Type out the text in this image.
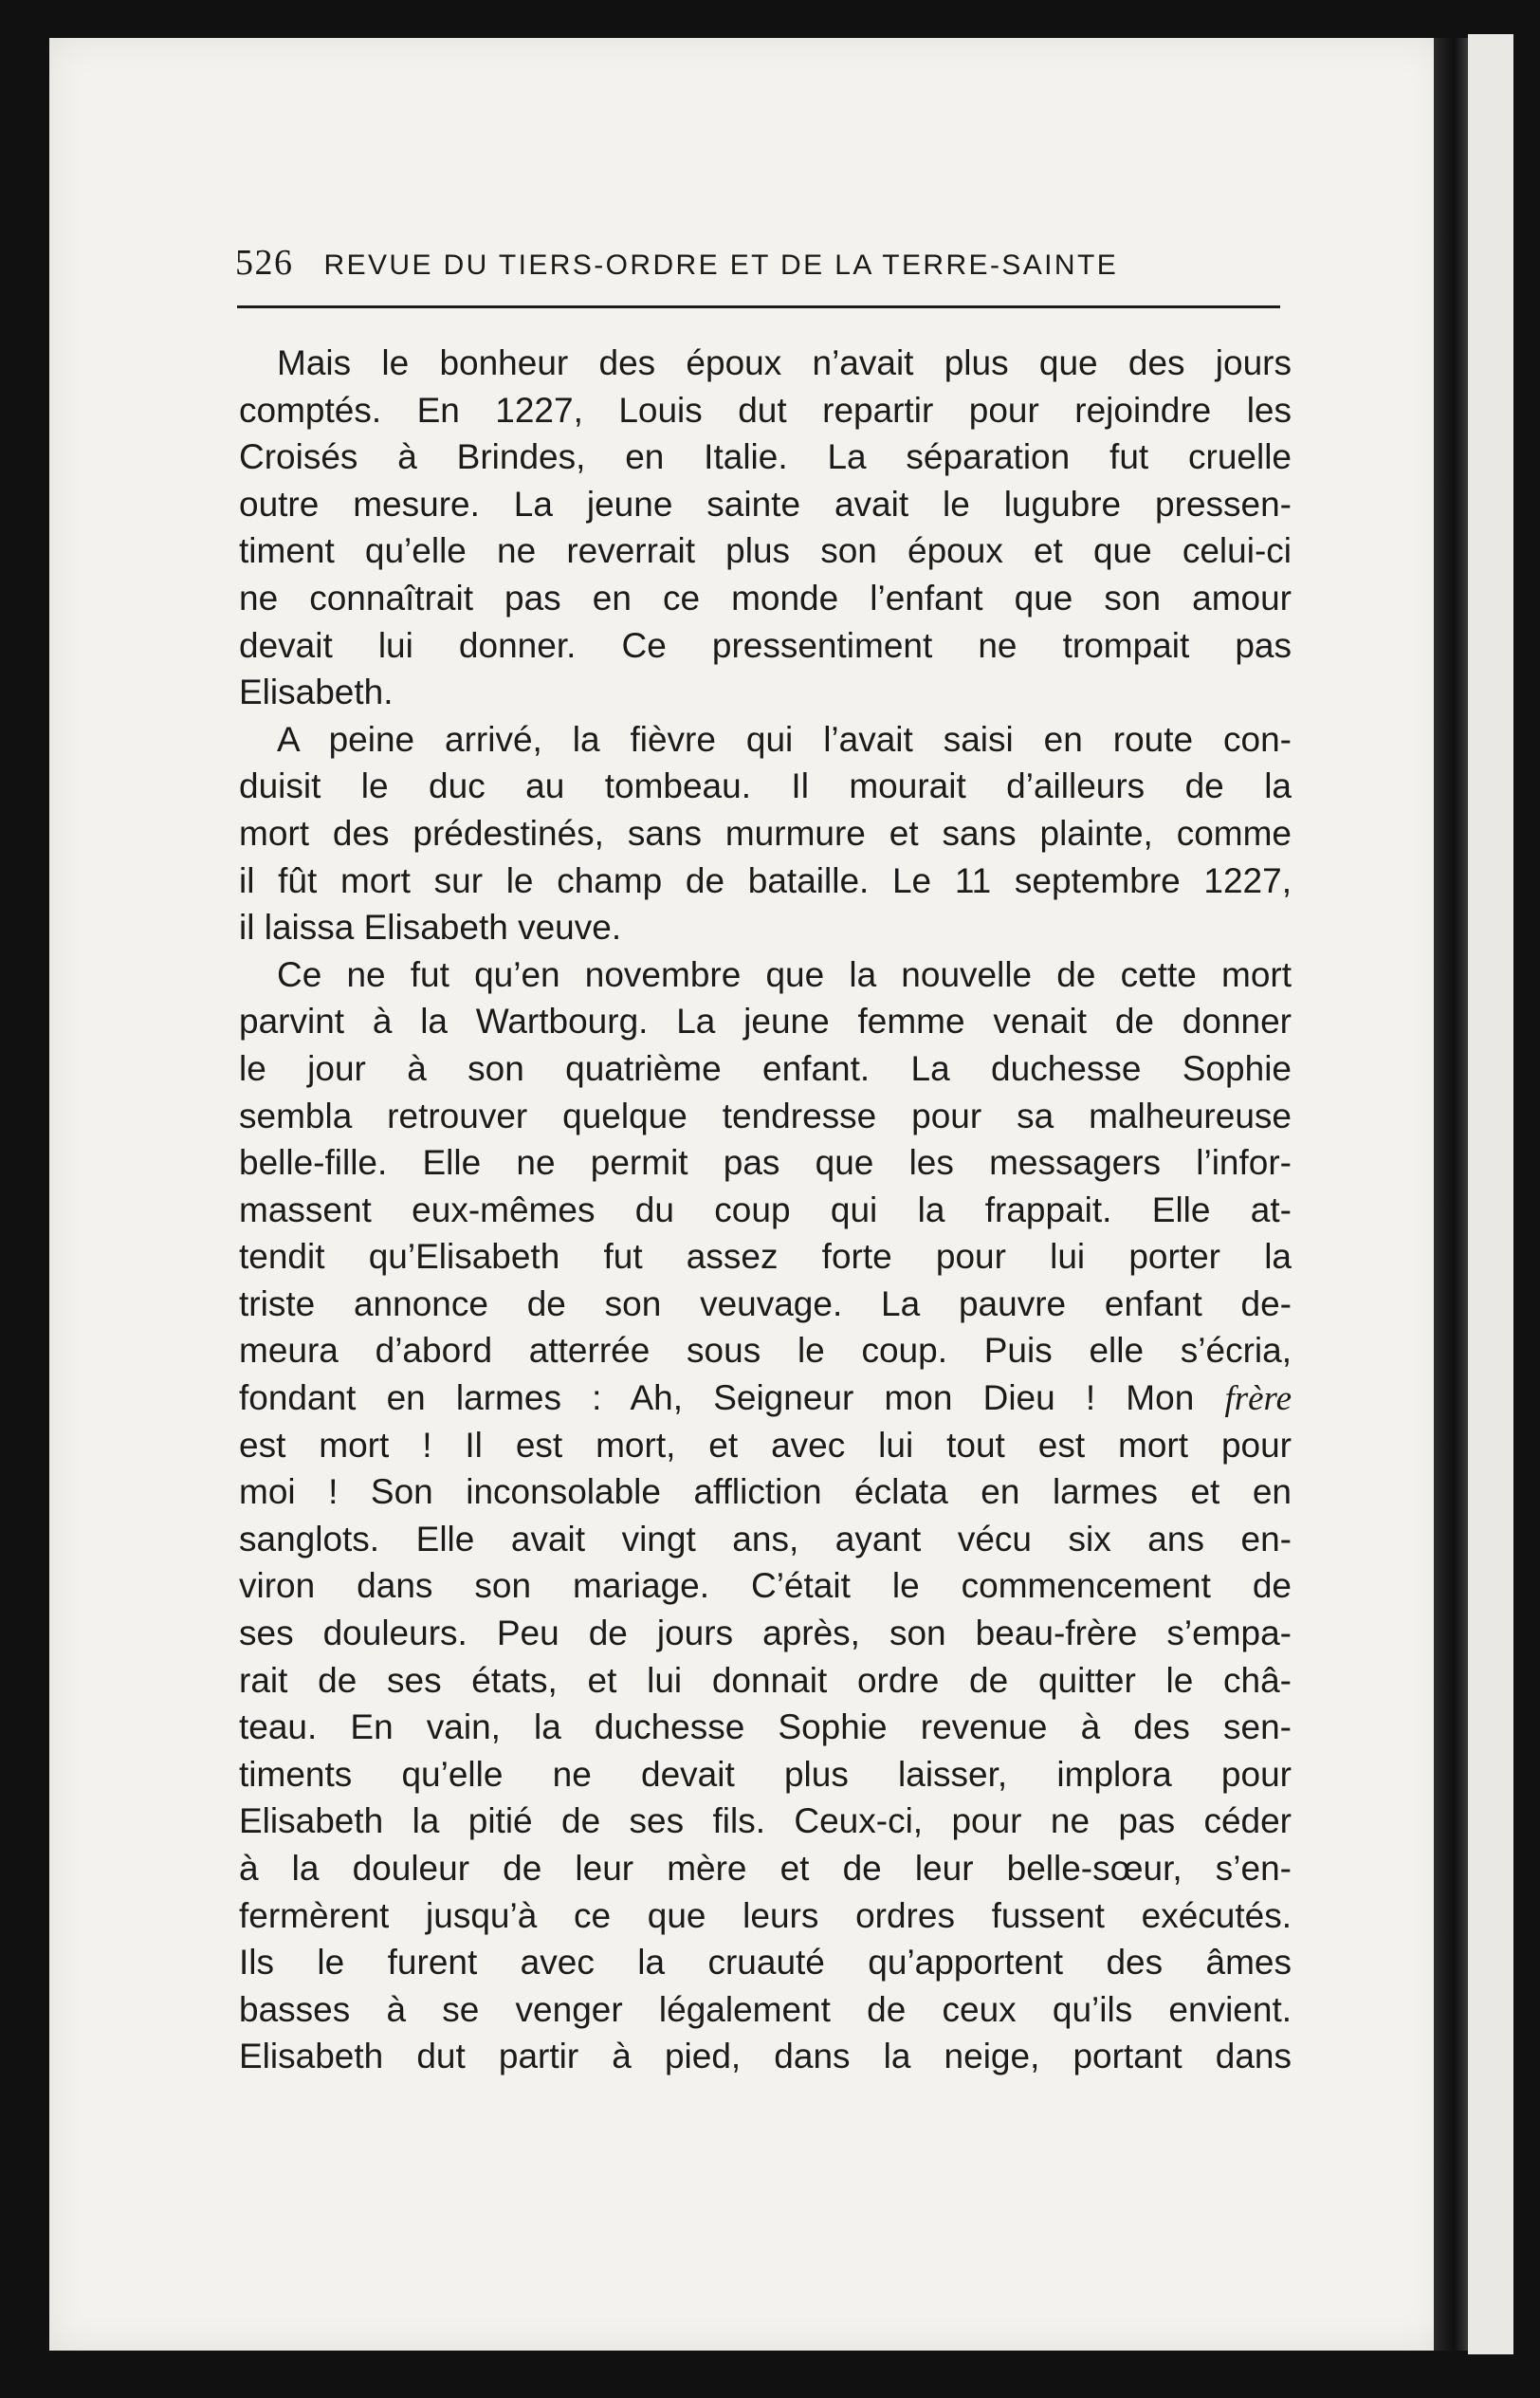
526 REVUE DU TIERS-ORDRE ET DE LA TERRE-SAINTE
Mais le bonheur des époux n’avait plus que des jours
comptés. En 1227, Louis dut repartir pour rejoindre les
Croisés à Brindes, en Italie. La séparation fut cruelle
outre mesure. La jeune sainte avait le lugubre pressen-
timent qu’elle ne reverrait plus son époux et que celui-ci
ne connaîtrait pas en ce monde l’enfant que son amour
devait lui donner. Ce pressentiment ne trompait pas
Elisabeth.
A peine arrivé, la fièvre qui l’avait saisi en route con-
duisit le duc au tombeau. Il mourait d’ailleurs de la
mort des prédestinés, sans murmure et sans plainte, comme
il fût mort sur le champ de bataille. Le 11 septembre 1227,
il laissa Elisabeth veuve.
Ce ne fut qu’en novembre que la nouvelle de cette mort
parvint à la Wartbourg. La jeune femme venait de donner
le jour à son quatrième enfant. La duchesse Sophie
sembla retrouver quelque tendresse pour sa malheureuse
belle-fille. Elle ne permit pas que les messagers l’infor-
massent eux-mêmes du coup qui la frappait. Elle at-
tendit qu’Elisabeth fut assez forte pour lui porter la
triste annonce de son veuvage. La pauvre enfant de-
meura d’abord atterrée sous le coup. Puis elle s’écria,
fondant en larmes : Ah, Seigneur mon Dieu ! Mon frère
est mort ! Il est mort, et avec lui tout est mort pour
moi ! Son inconsolable affliction éclata en larmes et en
sanglots. Elle avait vingt ans, ayant vécu six ans en-
viron dans son mariage. C’était le commencement de
ses douleurs. Peu de jours après, son beau-frère s’empa-
rait de ses états, et lui donnait ordre de quitter le châ-
teau. En vain, la duchesse Sophie revenue à des sen-
timents qu’elle ne devait plus laisser, implora pour
Elisabeth la pitié de ses fils. Ceux-ci, pour ne pas céder
à la douleur de leur mère et de leur belle-sœur, s’en-
fermèrent jusqu’à ce que leurs ordres fussent exécutés.
Ils le furent avec la cruauté qu’apportent des âmes
basses à se venger légalement de ceux qu’ils envient.
Elisabeth dut partir à pied, dans la neige, portant dans
